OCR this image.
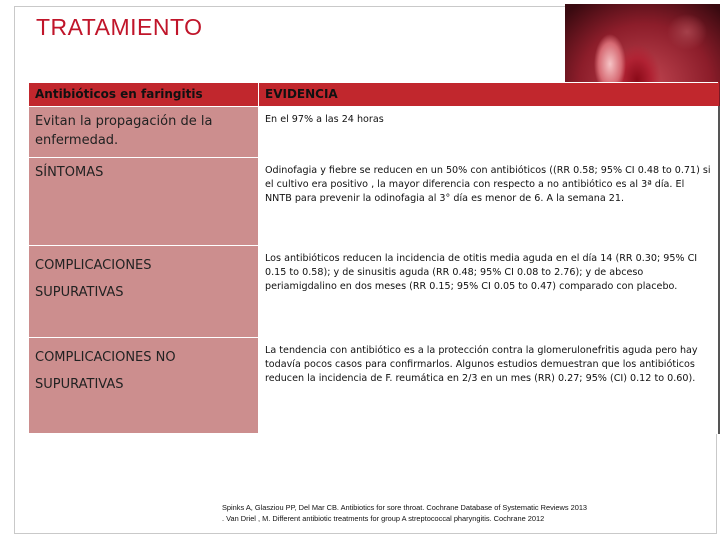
TRATAMIENTO
Antibióticos en faringitis	EVIDENCIA
Evitan la propagación de la enfermedad.	En el 97% a las 24 horas
SÍNTOMAS	Odinofagia y fiebre se reducen en un 50% con antibióticos ((RR 0.58; 95% CI 0.48 to 0.71) si el cultivo era positivo , la mayor diferencia con respecto a no antibiótico es al 3ª día. El NNTB para prevenir la odinofagia al 3° día es menor de 6. A la semana 21.

COMPLICACIONES
SUPURATIVAS	Los antibióticos reducen la incidencia de otitis media aguda en el día 14 (RR 0.30; 95% CI 0.15 to 0.58); y de sinusitis aguda (RR 0.48; 95% CI 0.08 to 2.76); y de abceso periamigdalino en dos meses (RR 0.15; 95% CI 0.05 to 0.47) comparado con placebo.

COMPLICACIONES NO
SUPURATIVAS	La tendencia con antibiótico es a la protección contra la glomerulonefritis aguda pero hay todavía pocos casos para confirmarlos. Algunos estudios demuestran que los antibióticos reducen la incidencia de F. reumática en 2/3 en un mes (RR) 0.27; 95% (CI) 0.12 to 0.60).
Spinks A, Glasziou PP, Del Mar CB. Antibiotics for sore throat. Cochrane Database of Systematic Reviews 2013
. Van Driel , M. Different antibiotic treatments for group A streptococcal pharyngitis. Cochrane 2012
